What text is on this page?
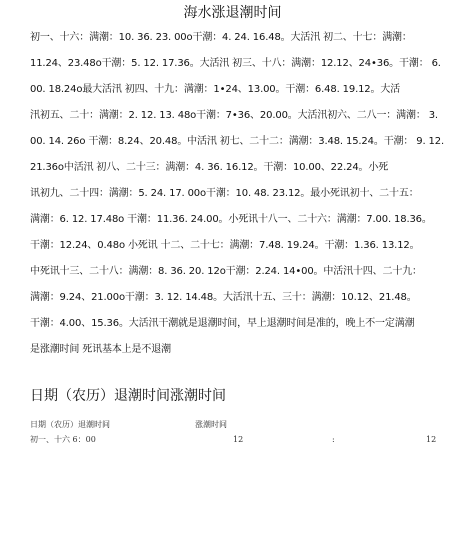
海水涨退潮时间
初一、十六：满潮：10. 36. 23. 00o干潮：4. 24. 16.48。大活汛 初二、十七：满潮：
11.24、23.48o干潮：5. 12. 17.36。大活汛 初三、十八：满潮：12.12、24•36。干潮： 6.
00. 18.24o最大活汛 初四、十九：满潮：1•24、13.00。干潮：6.48. 19.12。大活
汛初五、二十：满潮：2. 12. 13. 48o干潮：7•36、20.00。大活汛初六、二八一：满潮： 3.
00. 14. 26o 干潮：8.24、20.48。中活汛 初七、二十二：满潮：3.48. 15.24。干潮： 9. 12.
21.36o中活汛 初八、二十三：满潮：4. 36. 16.12。干潮：10.00、22.24。小死
讯初九、二十四：满潮：5. 24. 17. 00o干潮：10. 48. 23.12。最小死讯初十、二十五：
满潮：6. 12. 17.48o 干潮：11.36. 24.00。小死讯十八一、二十六：满潮：7.00. 18.36。
干潮：12.24、0.48o 小死讯 十二、二十七：满潮：7.48. 19.24。干潮：1.36. 13.12。
中死讯十三、二十八：满潮：8. 36. 20. 12o干潮：2.24. 14•00。中活汛十四、二十九：
满潮：9.24、21.00o干潮：3. 12. 14.48。大活汛十五、三十：满潮：10.12、21.48。
干潮：4.00、15.36。大活汛干潮就是退潮时间，早上退潮时间是准的，晚上不一定满潮
是涨潮时间 死讯基本上是不退潮
日期（农历）退潮时间涨潮时间
日期（农历）退潮时间	涨潮时间
初一、十六 6：00	12	:	12
